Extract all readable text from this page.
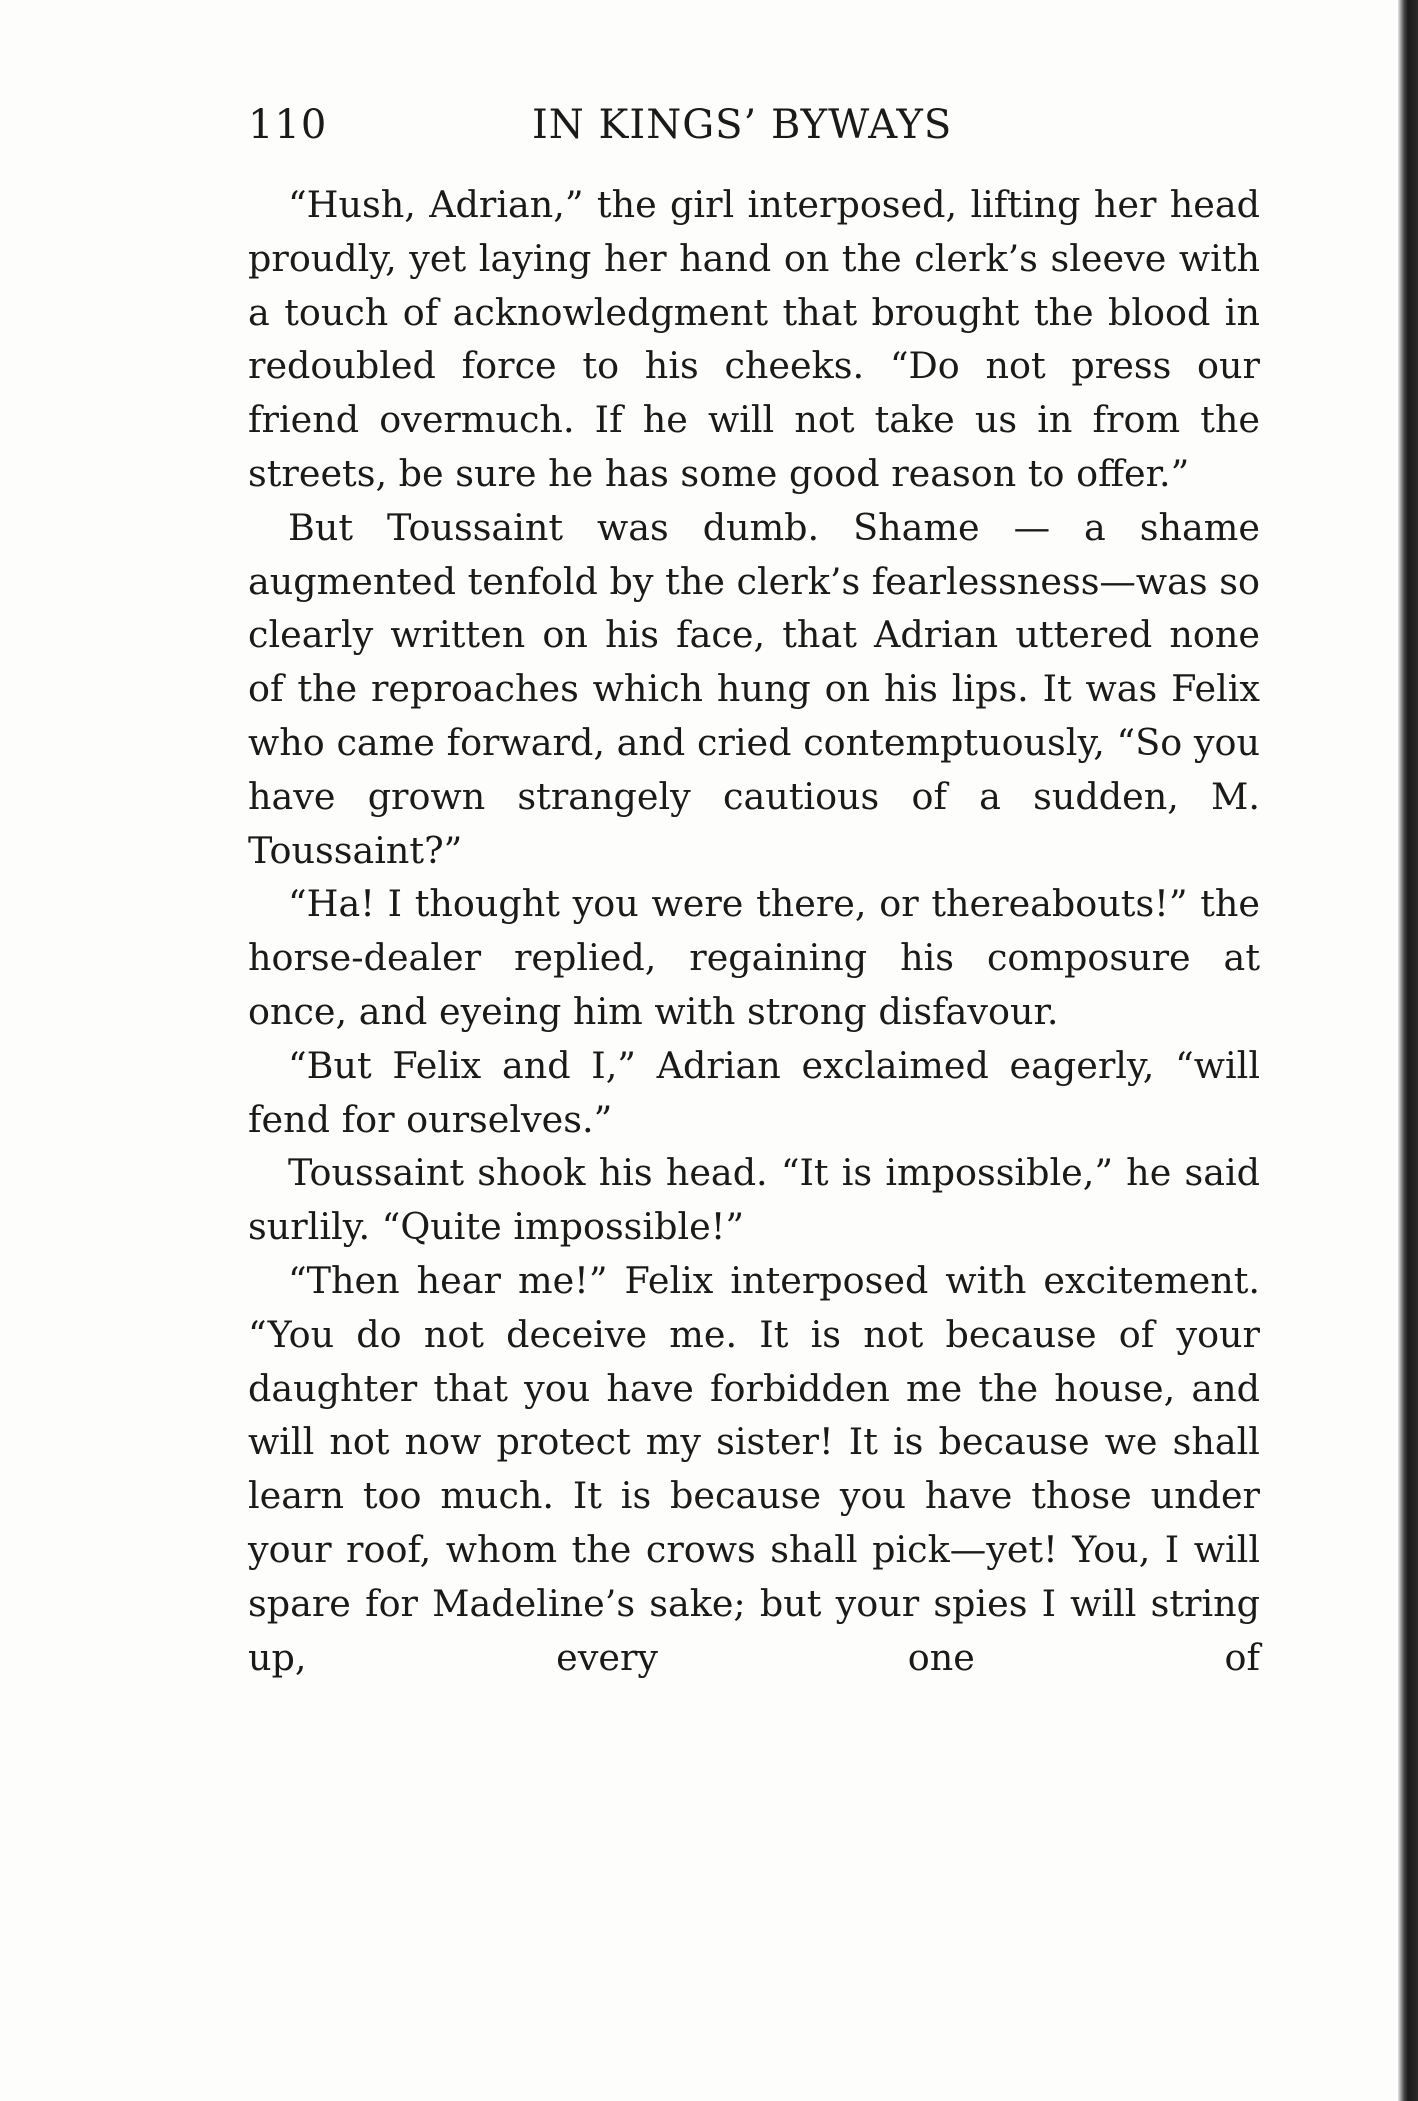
110	IN KINGS’ BYWAYS

“Hush, Adrian,” the girl interposed, lifting her head proudly, yet laying her hand on the clerk’s sleeve with a touch of acknowledgment that brought the blood in redoubled force to his cheeks. “Do not press our friend overmuch. If he will not take us in from the streets, be sure he has some good reason to offer.”

But Toussaint was dumb. Shame — a shame augmented tenfold by the clerk’s fearlessness—was so clearly written on his face, that Adrian uttered none of the reproaches which hung on his lips. It was Felix who came forward, and cried contemptuously, “So you have grown strangely cautious of a sudden, M. Toussaint?”

“Ha! I thought you were there, or thereabouts!” the horse-dealer replied, regaining his composure at once, and eyeing him with strong disfavour.

“But Felix and I,” Adrian exclaimed eagerly, “will fend for ourselves.”

Toussaint shook his head. “It is impossible,” he said surlily. “Quite impossible!”

“Then hear me!” Felix interposed with excitement. “You do not deceive me. It is not because of your daughter that you have forbidden me the house, and will not now protect my sister! It is because we shall learn too much. It is because you have those under your roof, whom the crows shall pick—yet! You, I will spare for Madeline’s sake; but your spies I will string up, every one of
